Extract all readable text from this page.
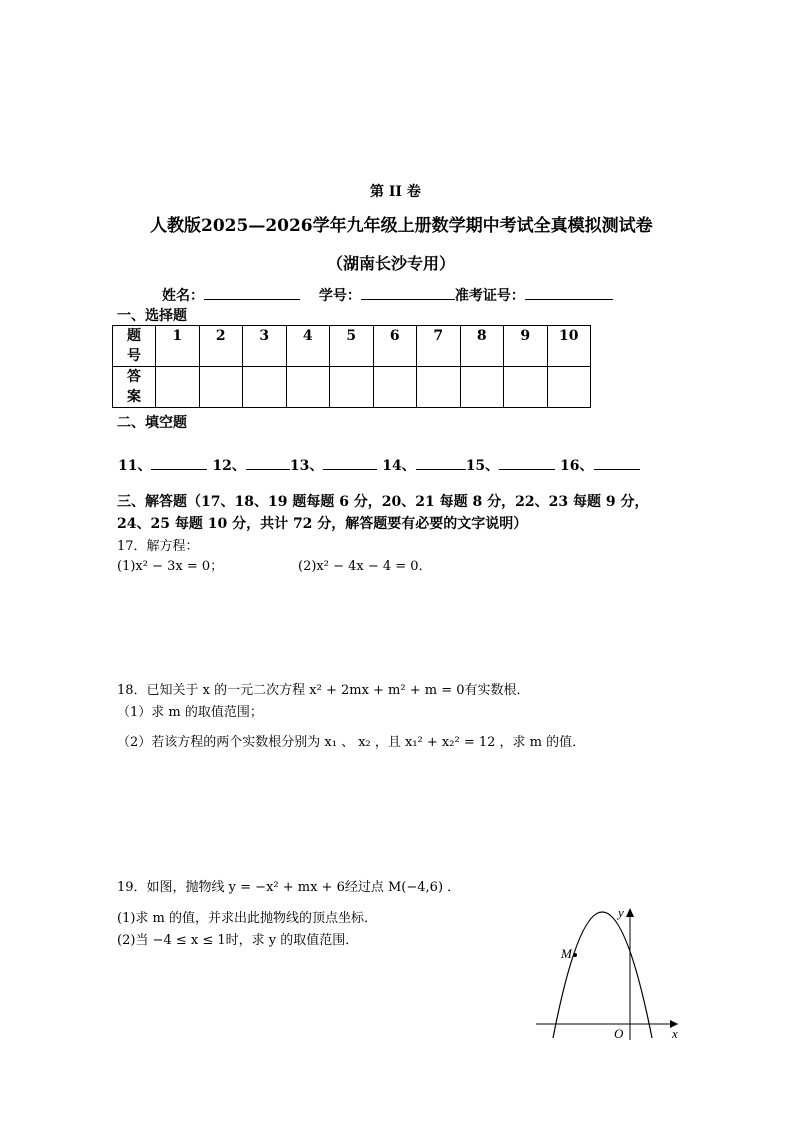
第 II 卷
人教版2025—2026学年九年级上册数学期中考试全真模拟测试卷
（湖南长沙专用）
姓名：	学号：	准考证号：
一、选择题
题
号	1	2	3	4	5	6	7	8	9	10
答
案										
二、填空题
11、	12、	13、	14、	15、	16、
三、解答题（17、18、19 题每题 6 分，20、21 每题 8 分，22、23 每题 9 分，
24、25 每题 10 分，共计 72 分，解答题要有必要的文字说明）
17．解方程：
(1)x² − 3x = 0；	(2)x² − 4x − 4 = 0．
18．已知关于 x 的一元二次方程 x² + 2mx + m² + m = 0有实数根．
（1）求 m 的取值范围；
（2）若该方程的两个实数根分别为 x₁ 、 x₂ ，且 x₁² + x₂² = 12 ，求 m 的值．
19．如图，抛物线 y = −x² + mx + 6经过点 M(−4,6) ．
(1)求 m 的值，并求出此抛物线的顶点坐标．
(2)当 −4 ≤ x ≤ 1时，求 y 的取值范围．
y
x
O
M
